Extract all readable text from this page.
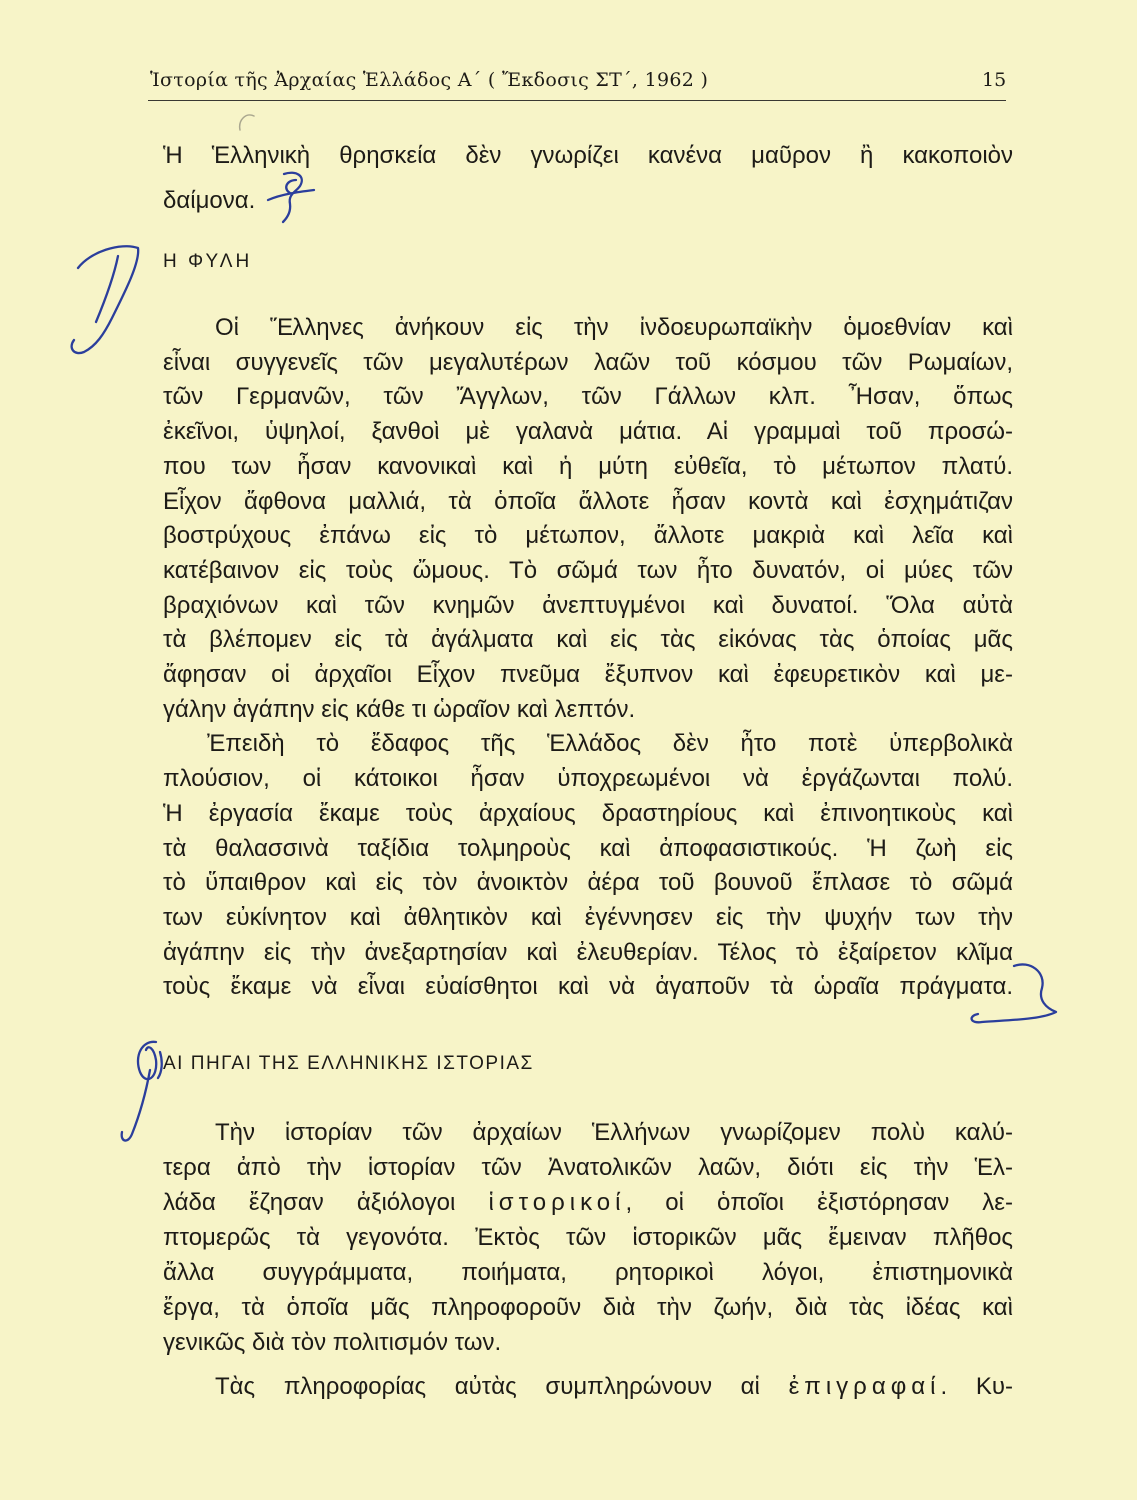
Ἱστορία τῆς Ἀρχαίας Ἑλλάδος Α΄ ( Ἔκδοσις ΣΤ΄, 1962 )	15
Ἡ Ἑλληνικὴ θρησκεία δὲν γνωρίζει κανένα μαῦρον ἢ κακοποιὸν
δαίμονα.
Η ΦΥΛΗ
Οἱ Ἕλληνες ἀνήκουν εἰς τὴν ἰνδοευρωπαϊκὴν ὁμοεθνίαν καὶ
εἶναι συγγενεῖς τῶν μεγαλυτέρων λαῶν τοῦ κόσμου τῶν Ρωμαίων,
τῶν Γερμανῶν, τῶν Ἄγγλων, τῶν Γάλλων κλπ. Ἦσαν, ὅπως
ἐκεῖνοι, ὑψηλοί, ξανθοὶ μὲ γαλανὰ μάτια. Αἱ γραμμαὶ τοῦ προσώ-
που των ἦσαν κανονικαὶ καὶ ἡ μύτη εὐθεῖα, τὸ μέτωπον πλατύ.
Εἶχον ἄφθονα μαλλιά, τὰ ὁποῖα ἄλλοτε ἦσαν κοντὰ καὶ ἐσχημάτιζαν
βοστρύχους ἐπάνω εἰς τὸ μέτωπον, ἄλλοτε μακριὰ καὶ λεῖα καὶ
κατέβαινον εἰς τοὺς ὤμους. Τὸ σῶμά των ἦτο δυνατόν, οἱ μύες τῶν
βραχιόνων καὶ τῶν κνημῶν ἀνεπτυγμένοι καὶ δυνατοί. Ὅλα αὐτὰ
τὰ βλέπομεν εἰς τὰ ἀγάλματα καὶ εἰς τὰς εἰκόνας τὰς ὁποίας μᾶς
ἄφησαν οἱ ἀρχαῖοι Εἶχον πνεῦμα ἔξυπνον καὶ ἐφευρετικὸν καὶ με-
γάλην ἀγάπην εἰς κάθε τι ὡραῖον καὶ λεπτόν.
Ἐπειδὴ τὸ ἔδαφος τῆς Ἑλλάδος δὲν ἦτο ποτὲ ὑπερβολικὰ
πλούσιον, οἱ κάτοικοι ἦσαν ὑποχρεωμένοι νὰ ἐργάζωνται πολύ.
Ἡ ἐργασία ἔκαμε τοὺς ἀρχαίους δραστηρίους καὶ ἐπινοητικοὺς καὶ
τὰ θαλασσινὰ ταξίδια τολμηροὺς καὶ ἀποφασιστικούς. Ἡ ζωὴ εἰς
τὸ ὕπαιθρον καὶ εἰς τὸν ἀνοικτὸν ἀέρα τοῦ βουνοῦ ἔπλασε τὸ σῶμά
των εὐκίνητον καὶ ἀθλητικὸν καὶ ἐγέννησεν εἰς τὴν ψυχήν των τὴν
ἀγάπην εἰς τὴν ἀνεξαρτησίαν καὶ ἐλευθερίαν. Τέλος τὸ ἐξαίρετον κλῖμα
τοὺς ἔκαμε νὰ εἶναι εὐαίσθητοι καὶ νὰ ἀγαποῦν τὰ ὡραῖα πράγματα.
ΑΙ ΠΗΓΑΙ ΤΗΣ ΕΛΛΗΝΙΚΗΣ ΙΣΤΟΡΙΑΣ
Τὴν ἱστορίαν τῶν ἀρχαίων Ἑλλήνων γνωρίζομεν πολὺ καλύ-
τερα ἀπὸ τὴν ἱστορίαν τῶν Ἀνατολικῶν λαῶν, διότι εἰς τὴν Ἑλ-
λάδα ἔζησαν ἀξιόλογοι ἱστορικοί, οἱ ὁποῖοι ἐξιστόρησαν λε-
πτομερῶς τὰ γεγονότα. Ἐκτὸς τῶν ἱστορικῶν μᾶς ἔμειναν πλῆθος
ἄλλα συγγράμματα, ποιήματα, ρητορικοὶ λόγοι, ἐπιστημονικὰ
ἔργα, τὰ ὁποῖα μᾶς πληροφοροῦν διὰ τὴν ζωήν, διὰ τὰς ἰδέας καὶ
γενικῶς διὰ τὸν πολιτισμόν των.
Τὰς πληροφορίας αὐτὰς συμπληρώνουν αἱ ἐπιγραφαί. Κυ-
